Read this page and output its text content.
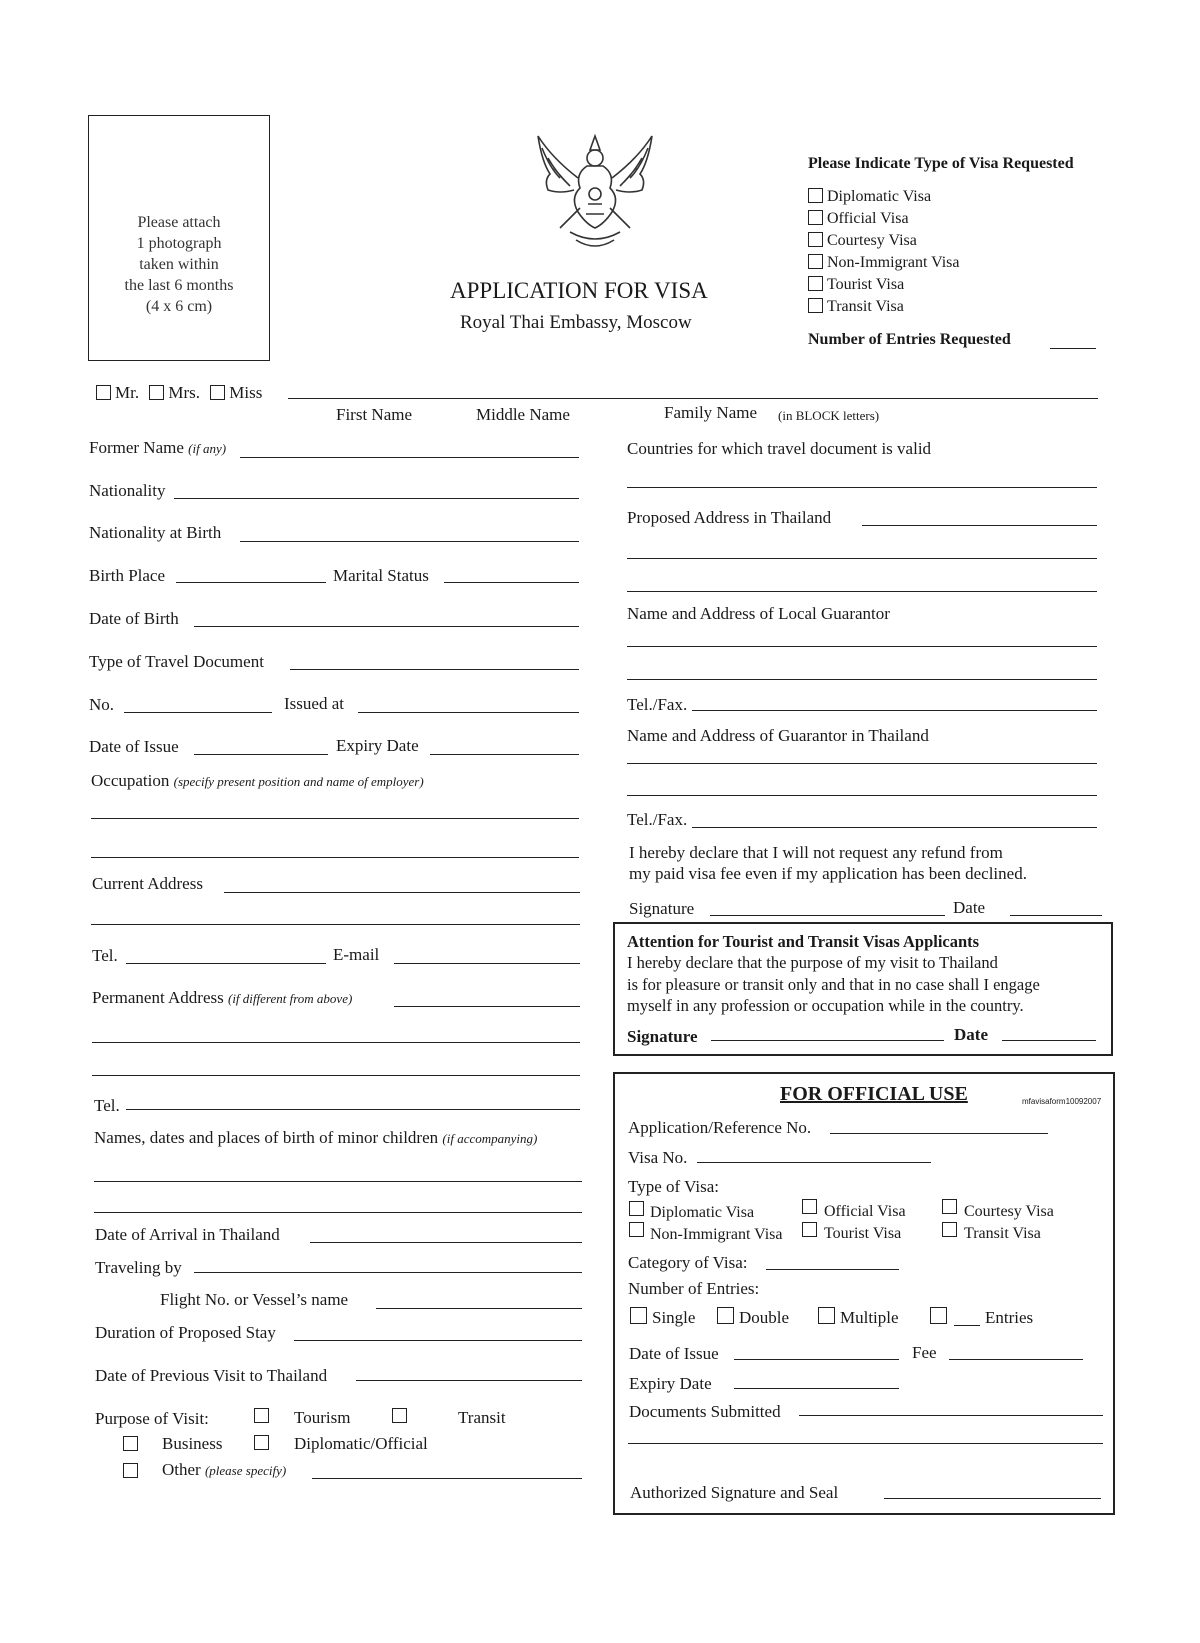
Please attach
1 photograph
taken within
the last 6 months
(4 x 6 cm)
APPLICATION FOR VISA
Royal Thai Embassy, Moscow
Please Indicate Type of Visa Requested
Diplomatic Visa
Official Visa
Courtesy Visa
Non-Immigrant Visa
Tourist Visa
Transit Visa
Number of Entries Requested
Mr. Mrs. Miss
First Name	Middle Name	Family Name (in BLOCK letters)
Former Name (if any)
Nationality
Nationality at Birth
Birth Place	Marital Status
Date of Birth
Type of Travel Document
No.	Issued at
Date of Issue	Expiry Date
Occupation (specify present position and name of employer)
Current Address
Tel.	E-mail
Permanent Address (if different from above)
Tel.
Names, dates and places of birth of minor children (if accompanying)
Date of Arrival in Thailand
Traveling by
Flight No. or Vessel’s name
Duration of Proposed Stay
Date of Previous Visit to Thailand
Purpose of Visit:	Tourism	Transit
Business	Diplomatic/Official
Other (please specify)
Countries for which travel document is valid
Proposed Address in Thailand
Name and Address of Local Guarantor
Tel./Fax.
Name and Address of Guarantor in Thailand
Tel./Fax.
I hereby declare that I will not request any refund from
my paid visa fee even if my application has been declined.
Signature	Date
Attention for Tourist and Transit Visas Applicants
I hereby declare that the purpose of my visit to Thailand
is for pleasure or transit only and that in no case shall I engage
myself in any profession or occupation while in the country.
Signature	Date
FOR OFFICIAL USE	mfavisaform10092007
Application/Reference No.
Visa No.
Type of Visa:
Diplomatic Visa	Official Visa	Courtesy Visa
Non-Immigrant Visa	Tourist Visa	Transit Visa
Category of Visa:
Number of Entries:
Single	Double	Multiple	Entries
Date of Issue	Fee
Expiry Date
Documents Submitted
Authorized Signature and Seal
